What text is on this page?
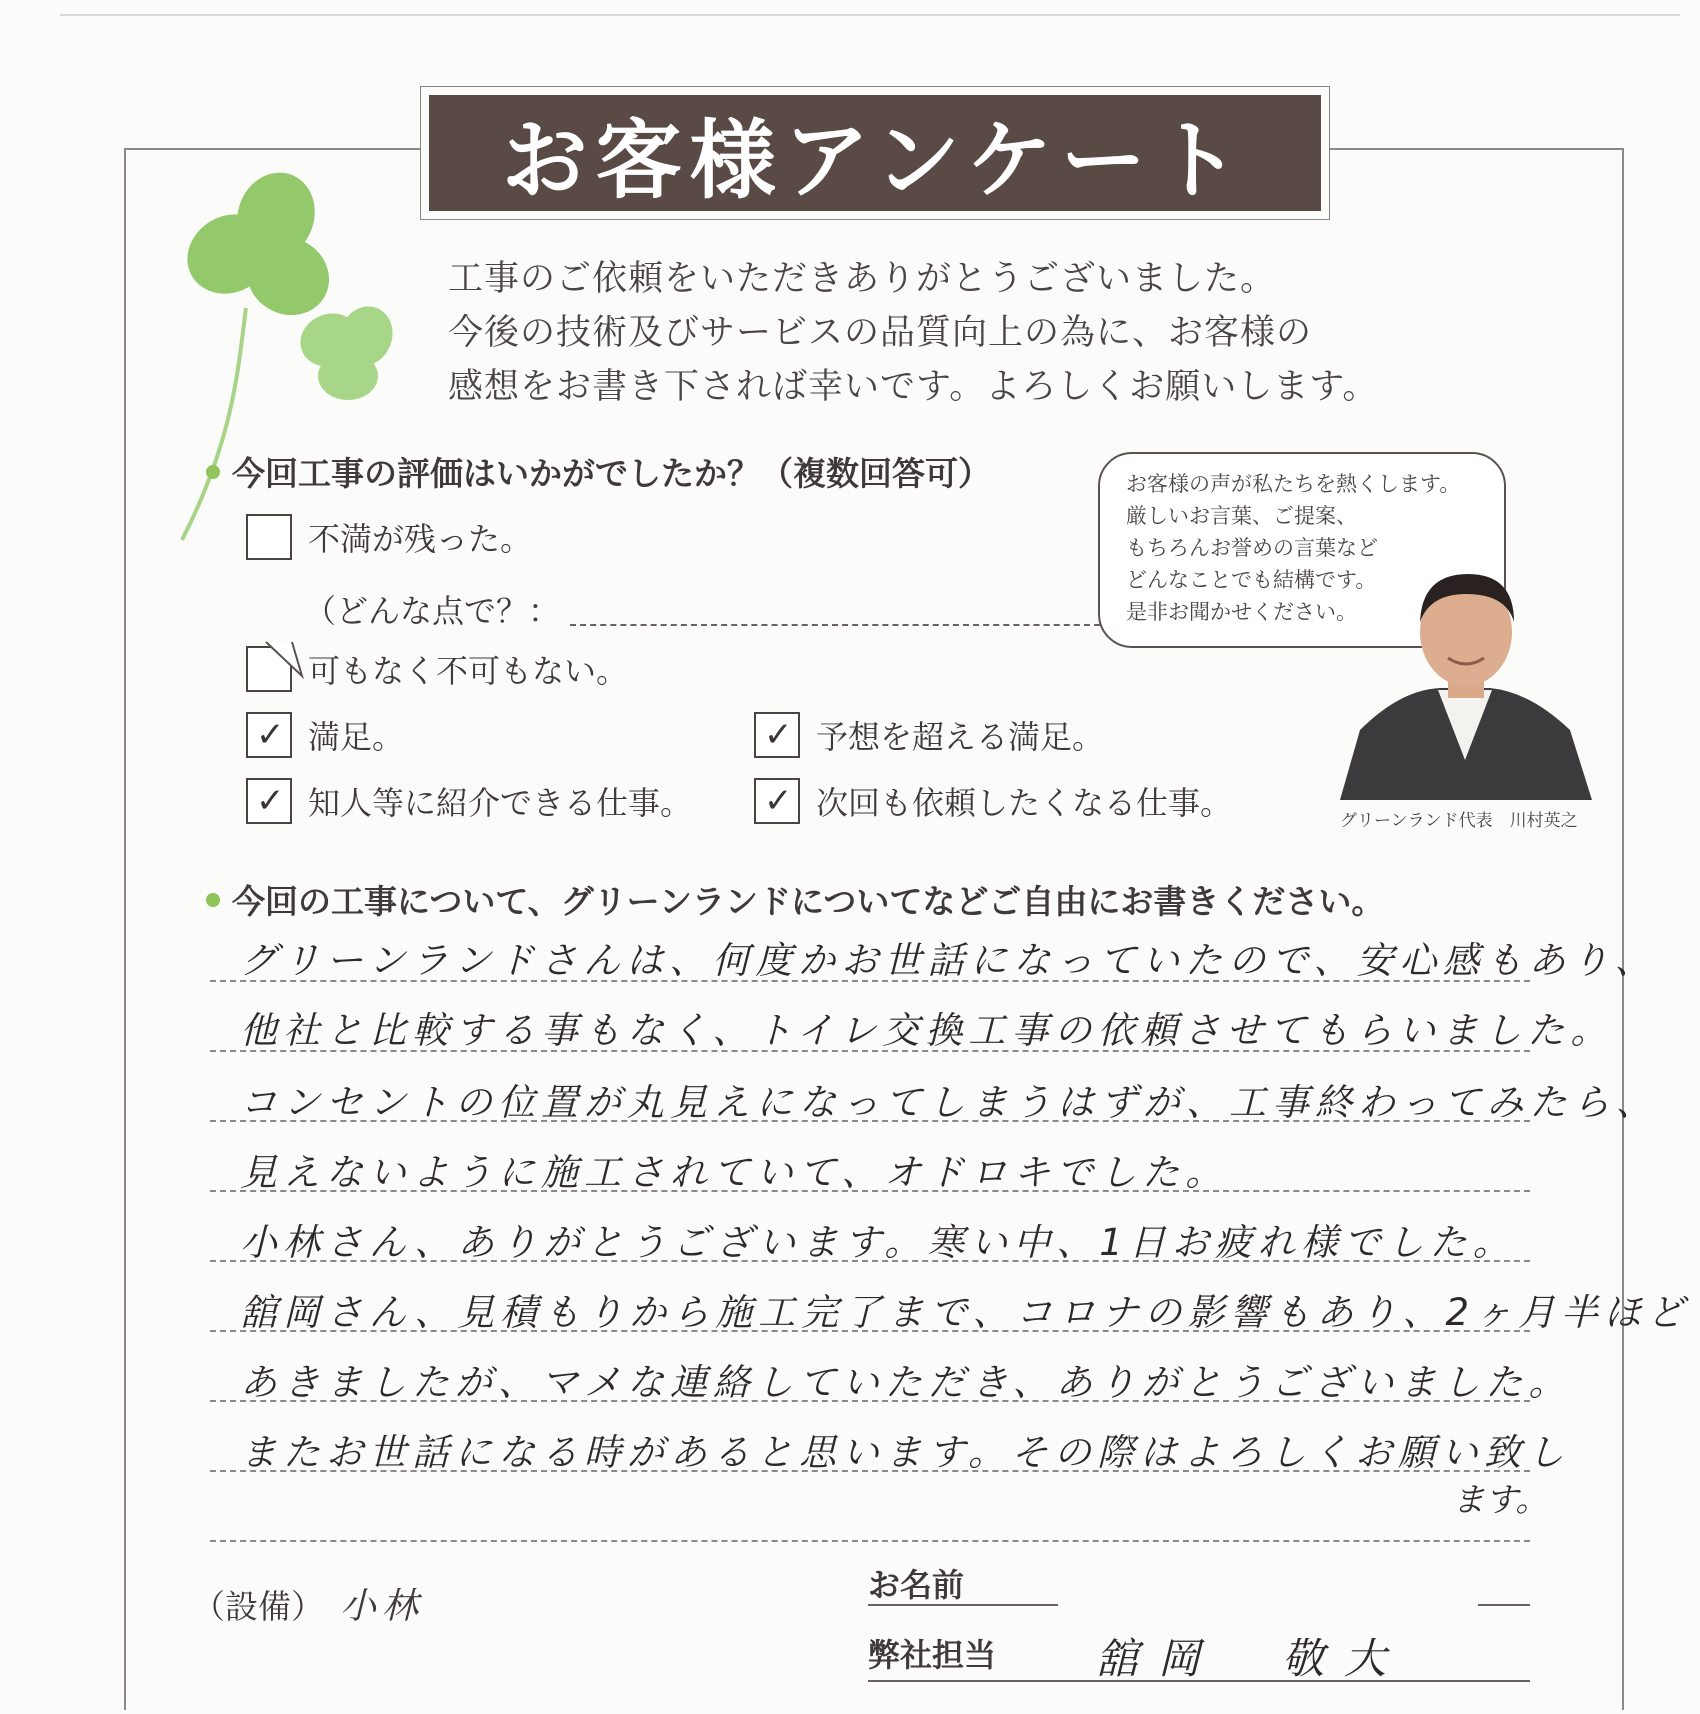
お客様アンケート
工事のご依頼をいただきありがとうございました。
今後の技術及びサービスの品質向上の為に、お客様の
感想をお書き下されば幸いです。よろしくお願いします。
今回工事の評価はいかがでしたか？（複数回答可）
不満が残った。
（どんな点で？：
可もなく不可もない。
✓ 満足。	✓ 予想を超える満足。
✓ 知人等に紹介できる仕事。 ✓ 次回も依頼したくなる仕事。
お客様の声が私たちを熱くします。
厳しいお言葉、ご提案、
もちろんお誉めの言葉など
どんなことでも結構です。
是非お聞かせください。
グリーンランド代表　川村英之
今回の工事について、グリーンランドについてなどご自由にお書きください。
グリーンランドさんは、何度かお世話になっていたので、安心感もあり、
他社と比較する事もなく、トイレ交換工事の依頼させてもらいました。
コンセントの位置が丸見えになってしまうはずが、工事終わってみたら、
見えないように施工されていて、オドロキでした。
小林さん、ありがとうございます。寒い中、1日お疲れ様でした。
舘岡さん、見積もりから施工完了まで、コロナの影響もあり、2ヶ月半ほど
あきましたが、マメな連絡していただき、ありがとうございました。
またお世話になる時があると思います。その際はよろしくお願い致し
ます。
（設備） 小林
お名前
弊社担当 舘岡　敬大
